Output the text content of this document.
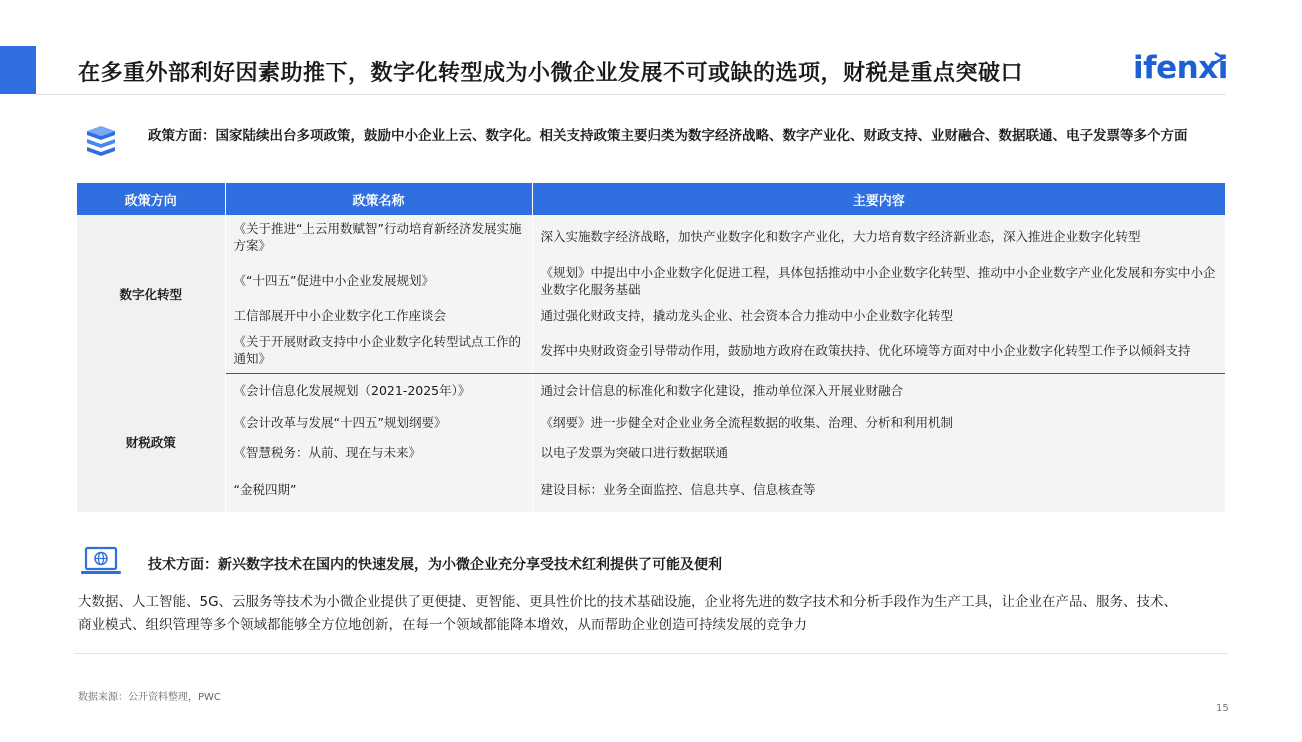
在多重外部利好因素助推下，数字化转型成为小微企业发展不可或缺的选项，财税是重点突破口	ifenxi
政策方面：国家陆续出台多项政策，鼓励中小企业上云、数字化。相关支持政策主要归类为数字经济战略、数字产业化、财政支持、业财融合、数据联通、电子发票等多个方面
政策方向	政策名称	主要内容
数字化转型	《关于推进“上云用数赋智”行动培育新经济发展实施方案》	深入实施数字经济战略，加快产业数字化和数字产业化，大力培育数字经济新业态，深入推进企业数字化转型
	《“十四五”促进中小企业发展规划》	《规划》中提出中小企业数字化促进工程，具体包括推动中小企业数字化转型、推动中小企业数字产业化发展和夯实中小企业数字化服务基础
	工信部展开中小企业数字化工作座谈会	通过强化财政支持，撬动龙头企业、社会资本合力推动中小企业数字化转型
	《关于开展财政支持中小企业数字化转型试点工作的通知》	发挥中央财政资金引导带动作用，鼓励地方政府在政策扶持、优化环境等方面对中小企业数字化转型工作予以倾斜支持
财税政策	《会计信息化发展规划（2021-2025年）》	通过会计信息的标准化和数字化建设，推动单位深入开展业财融合
	《会计改革与发展“十四五”规划纲要》	《纲要》进一步健全对企业业务全流程数据的收集、治理、分析和利用机制
	《智慧税务：从前、现在与未来》	以电子发票为突破口进行数据联通
	“金税四期”	建设目标：业务全面监控、信息共享、信息核查等
技术方面：新兴数字技术在国内的快速发展，为小微企业充分享受技术红利提供了可能及便利
大数据、人工智能、5G、云服务等技术为小微企业提供了更便捷、更智能、更具性价比的技术基础设施，企业将先进的数字技术和分析手段作为生产工具，让企业在产品、服务、技术、商业模式、组织管理等多个领域都能够全方位地创新，在每一个领域都能降本增效，从而帮助企业创造可持续发展的竞争力
数据来源：公开资料整理，PWC
15
